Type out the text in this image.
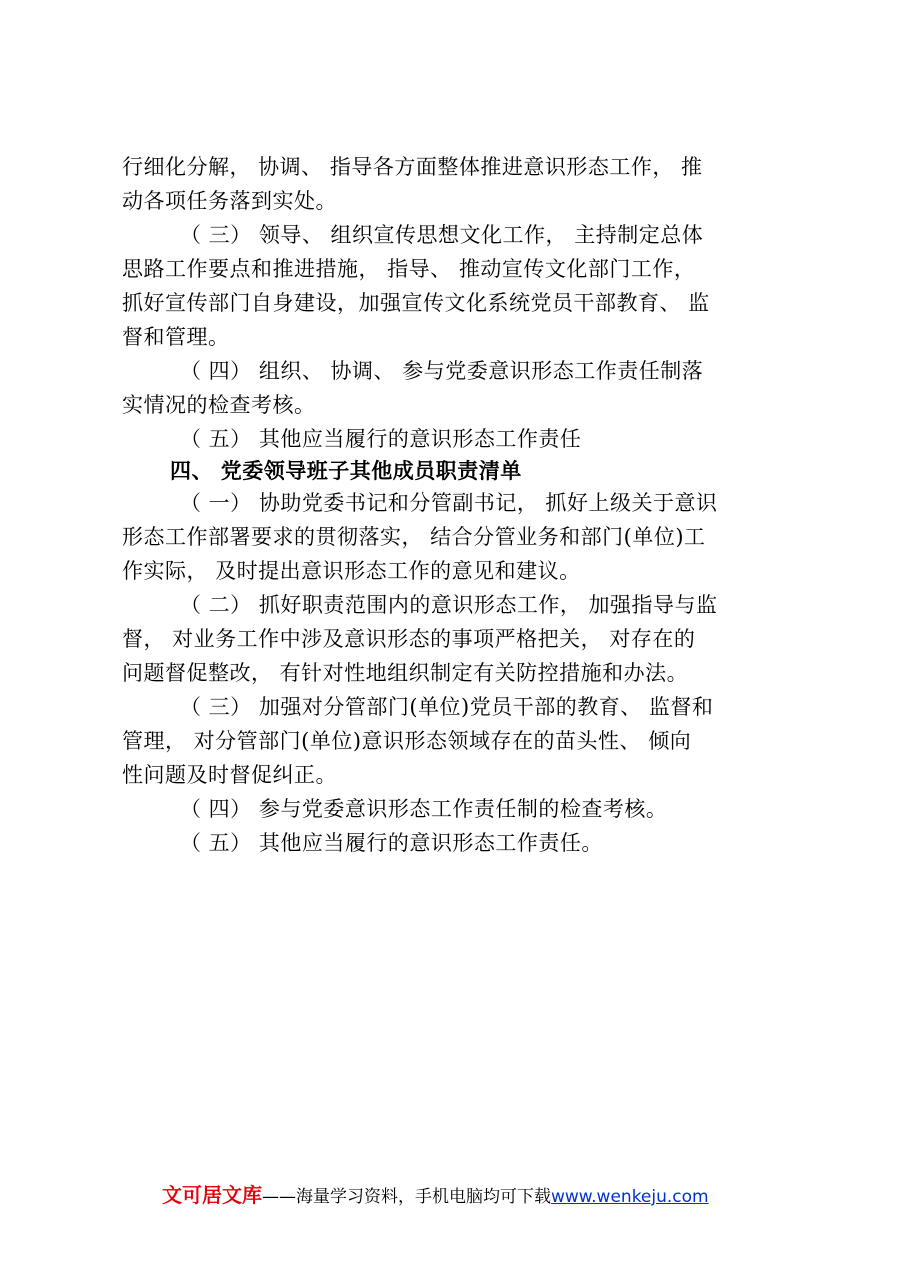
行细化分解， 协调、 指导各方面整体推进意识形态工作， 推
动各项任务落到实处。
（ 三） 领导、 组织宣传思想文化工作， 主持制定总体
思路工作要点和推进措施， 指导、 推动宣传文化部门工作，
抓好宣传部门自身建设，加强宣传文化系统党员干部教育、 监
督和管理。
（ 四） 组织、 协调、 参与党委意识形态工作责任制落
实情况的检查考核。
（ 五） 其他应当履行的意识形态工作责任
四、 党委领导班子其他成员职责清单
（ 一） 协助党委书记和分管副书记， 抓好上级关于意识
形态工作部署要求的贯彻落实， 结合分管业务和部门(单位)工
作实际， 及时提出意识形态工作的意见和建议。
（ 二） 抓好职责范围内的意识形态工作， 加强指导与监
督， 对业务工作中涉及意识形态的事项严格把关， 对存在的
问题督促整改， 有针对性地组织制定有关防控措施和办法。
（ 三） 加强对分管部门(单位)党员干部的教育、 监督和
管理， 对分管部门(单位)意识形态领域存在的苗头性、 倾向
性问题及时督促纠正。
（ 四） 参与党委意识形态工作责任制的检查考核。
（ 五） 其他应当履行的意识形态工作责任。
文可居文库——海量学习资料，手机电脑均可下载www.wenkeju.com
